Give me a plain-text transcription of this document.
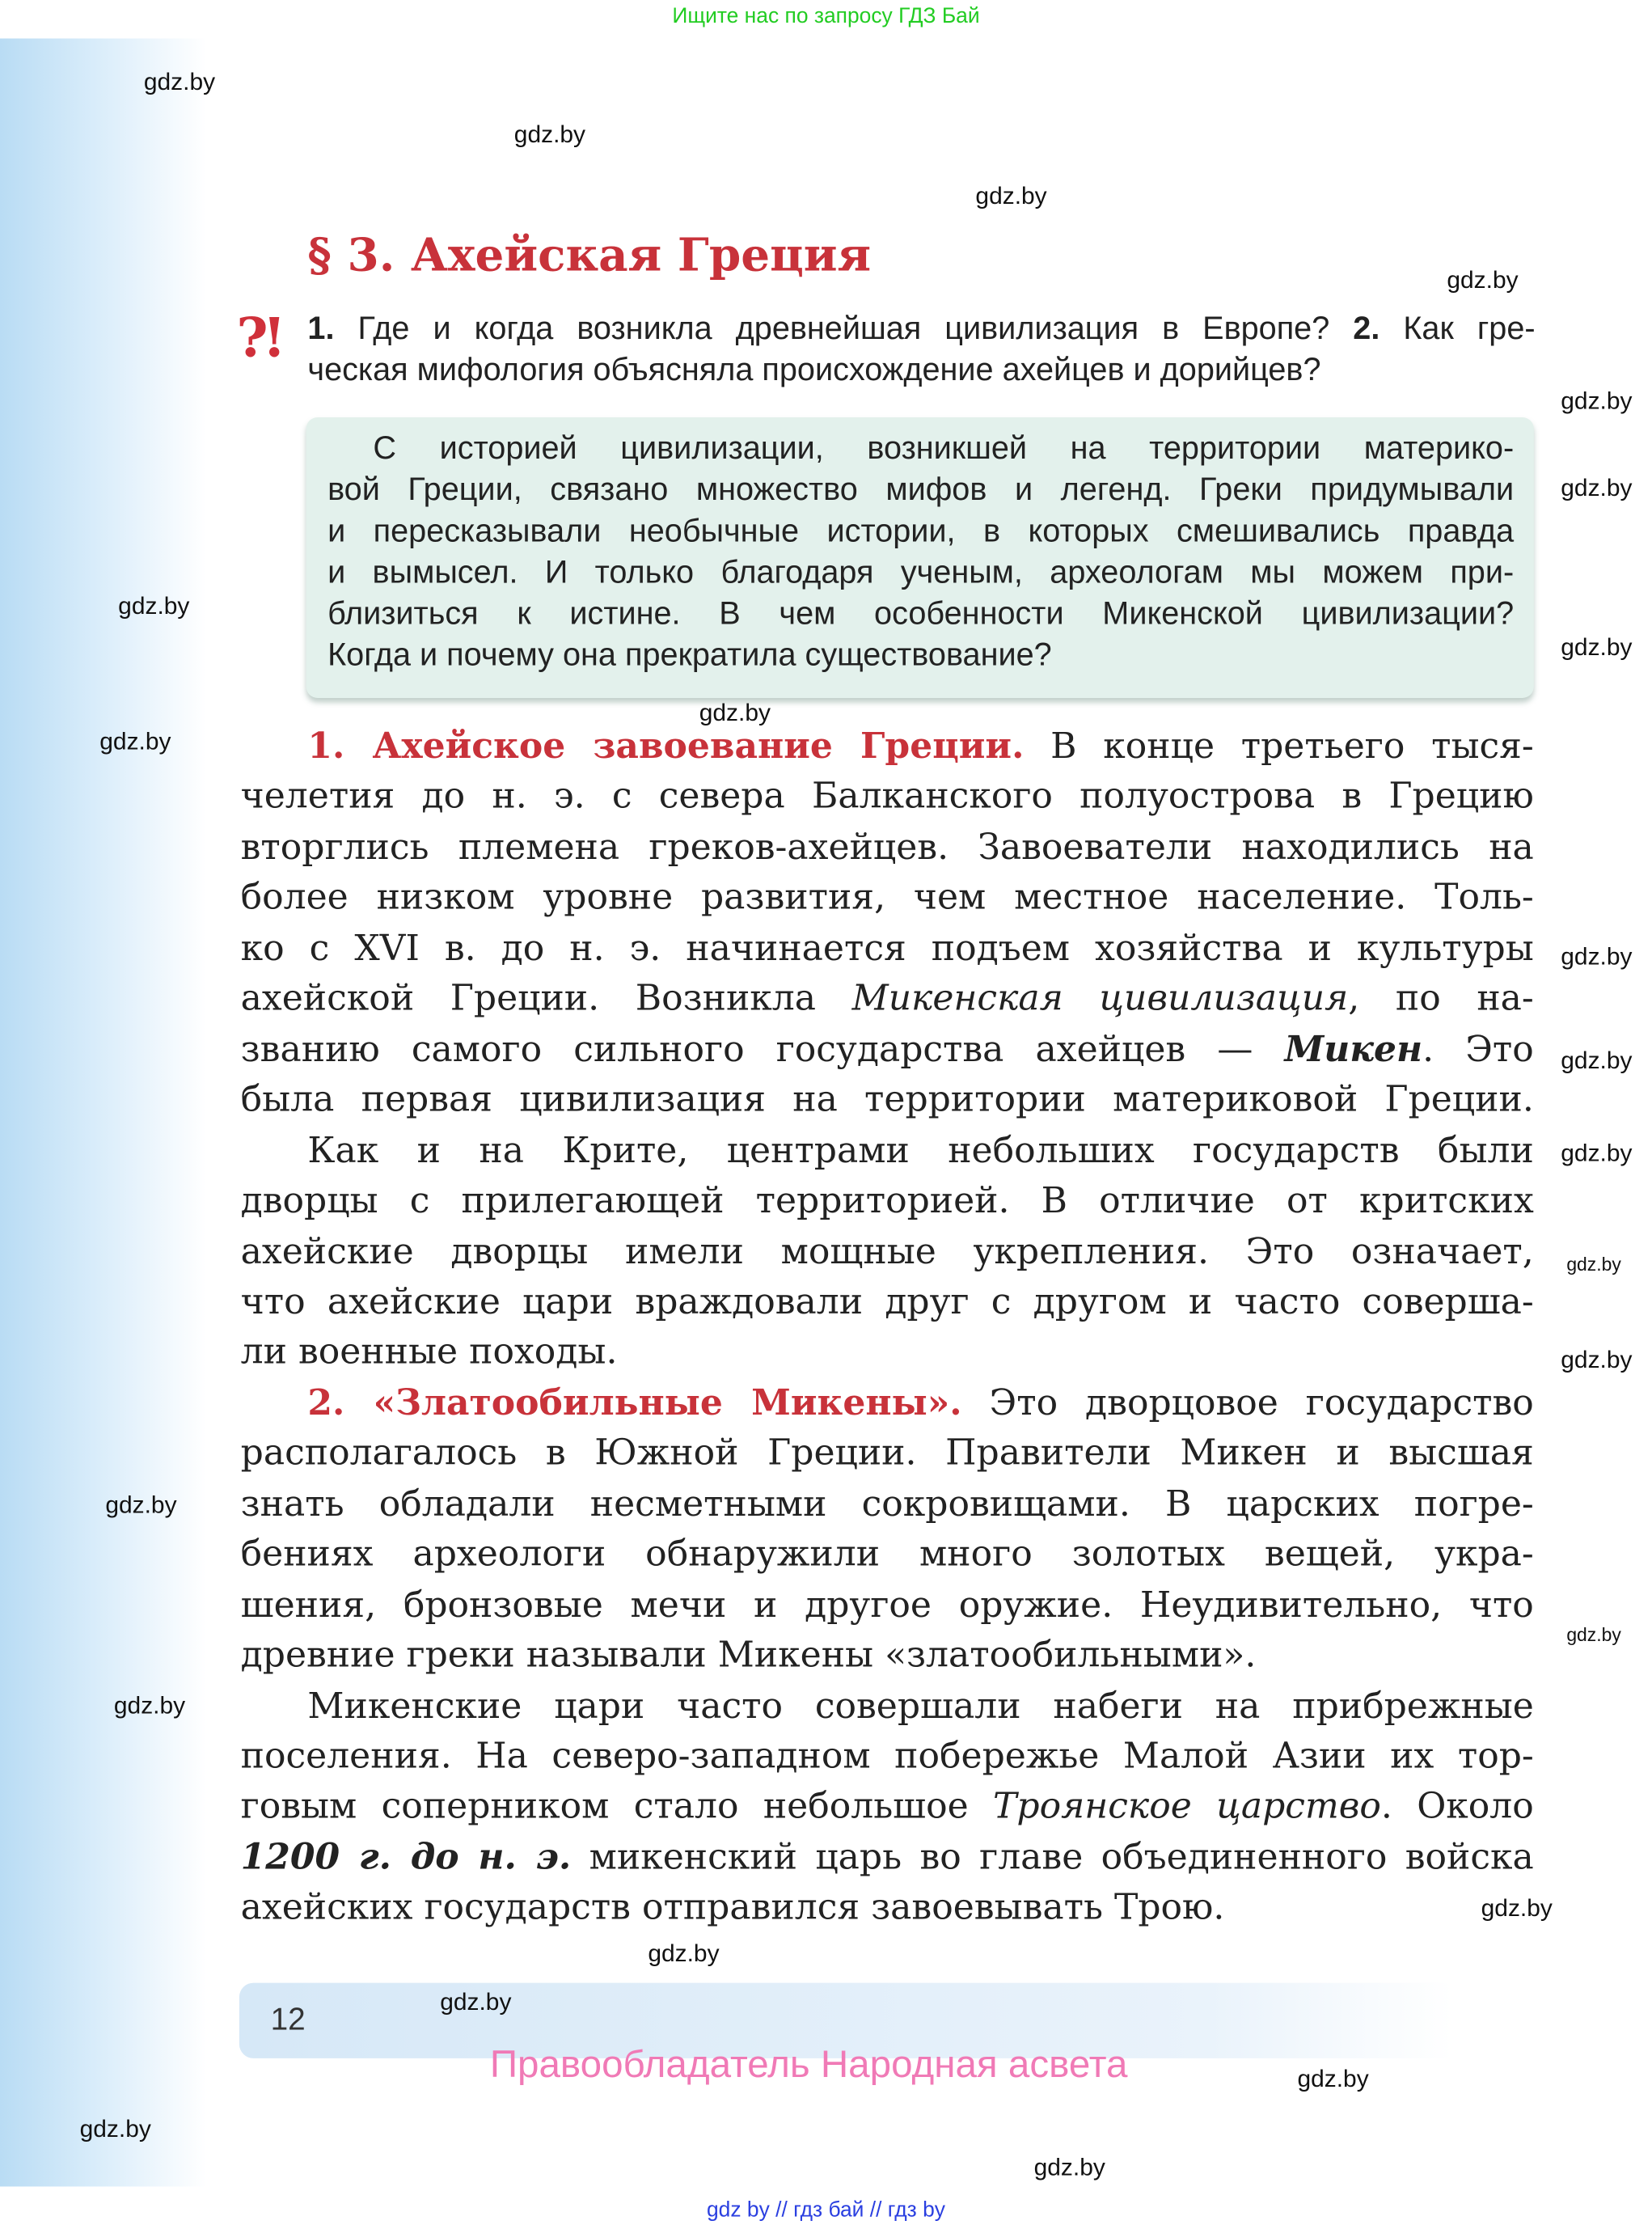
Ищите нас по запросу ГДЗ Бай
§ 3. Ахейская Греция
?! 1. Где и когда возникла древнейшая цивилизация в Европе? 2. Как гре-
ческая мифология объясняла происхождение ахейцев и дорийцев?
С историей цивилизации, возникшей на территории материко-
вой Греции, связано множество мифов и легенд. Греки придумывали
и пересказывали необычные истории, в которых смешивались правда
и вымысел. И только благодаря ученым, археологам мы можем при-
близиться к истине. В чем особенности Микенской цивилизации?
Когда и почему она прекратила существование?
1. Ахейское завоевание Греции. В конце третьего тыся-
челетия до н. э. с севера Балканского полуострова в Грецию
вторглись племена греков-ахейцев. Завоеватели находились на
более низком уровне развития, чем местное население. Толь-
ко с XVI в. до н. э. начинается подъем хозяйства и культуры
ахейской Греции. Возникла Микенская цивилизация, по на-
званию самого сильного государства ахейцев — Микен. Это
была первая цивилизация на территории материковой Греции.
Как и на Крите, центрами небольших государств были
дворцы с прилегающей территорией. В отличие от критских
ахейские дворцы имели мощные укрепления. Это означает,
что ахейские цари враждовали друг с другом и часто соверша-
ли военные походы.
2. «Златообильные Микены». Это дворцовое государство
располагалось в Южной Греции. Правители Микен и высшая
знать обладали несметными сокровищами. В царских погре-
бениях археологи обнаружили много золотых вещей, укра-
шения, бронзовые мечи и другое оружие. Неудивительно, что
древние греки называли Микены «златообильными».
Микенские цари часто совершали набеги на прибрежные
поселения. На северо-западном побережье Малой Азии их тор-
говым соперником стало небольшое Троянское царство. Около
1200 г. до н. э. микенский царь во главе объединенного войска
ахейских государств отправился завоевывать Трою.
12
Правообладатель Народная асвета
gdz by // гдз бай // гдз by
gdz.by
gdz.by
gdz.by
gdz.by
gdz.by
gdz.by
gdz.by
gdz.by
gdz.by
gdz.by
gdz.by
gdz.by
gdz.by
gdz.by
gdz.by
gdz.by
gdz.by
gdz.by
gdz.by
gdz.by
gdz.by
gdz.by
gdz.by
gdz.by
